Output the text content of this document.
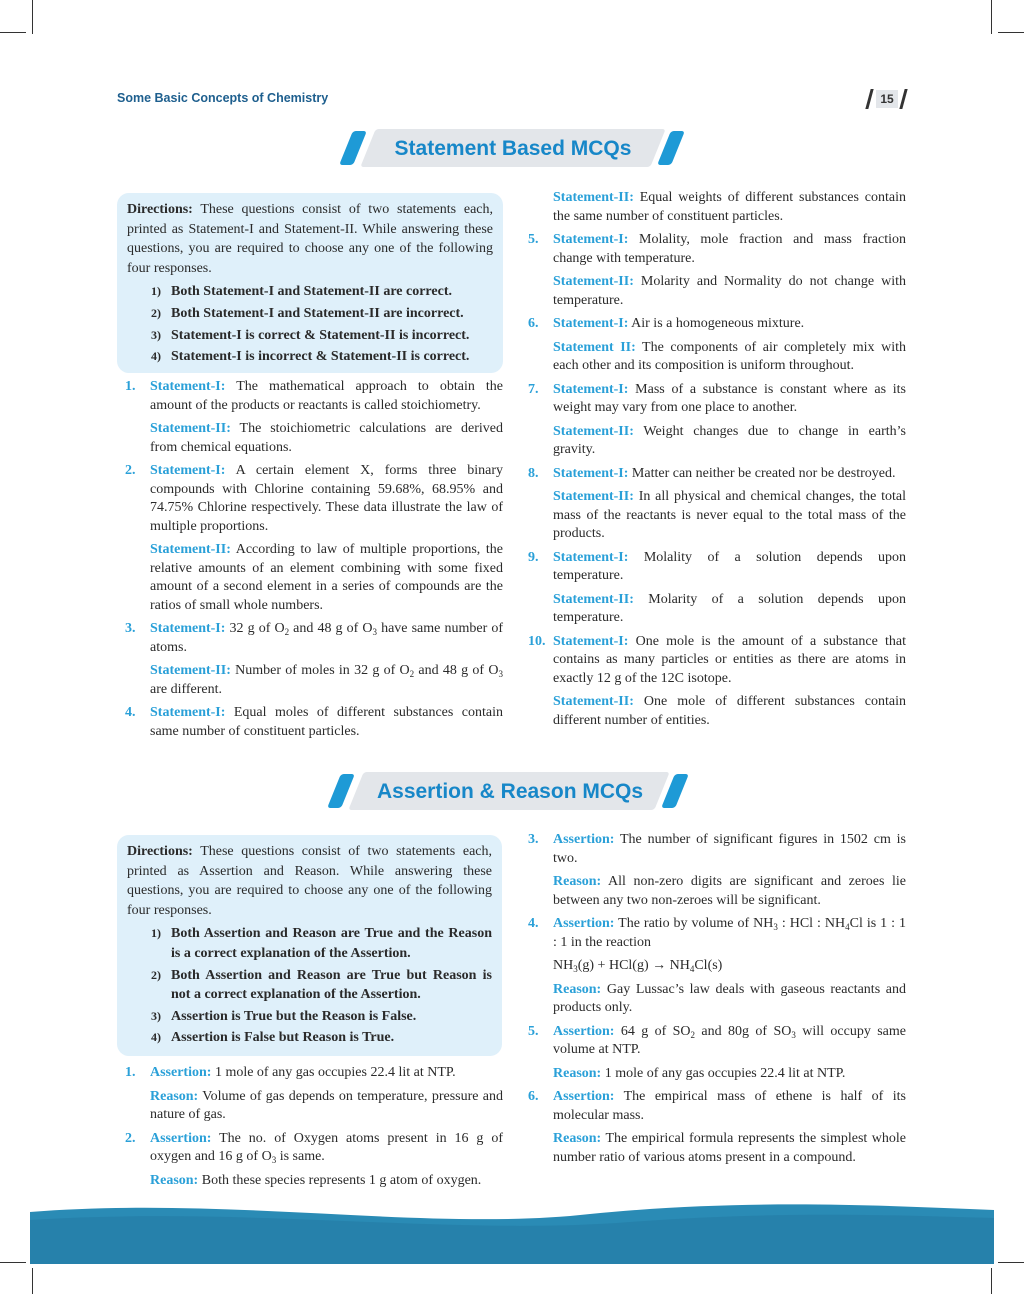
Some Basic Concepts of Chemistry	15
Statement Based MCQs
Directions: These questions consist of two statements each, printed as Statement-I and Statement-II. While answering these questions, you are required to choose any one of the following four responses.
1) Both Statement-I and Statement-II are correct.
2) Both Statement-I and Statement-II are incorrect.
3) Statement-I is correct & Statement-II is incorrect.
4) Statement-I is incorrect & Statement-II is correct.
1. Statement-I: The mathematical approach to obtain the amount of the products or reactants is called stoichiometry.
Statement-II: The stoichiometric calculations are derived from chemical equations.
2. Statement-I: A certain element X, forms three binary compounds with Chlorine containing 59.68%, 68.95% and 74.75% Chlorine respectively. These data illustrate the law of multiple proportions.
Statement-II: According to law of multiple proportions, the relative amounts of an element combining with some fixed amount of a second element in a series of compounds are the ratios of small whole numbers.
3. Statement-I: 32 g of $O_2$ and 48 g of $O_3$ have same number of atoms.
Statement-II: Number of moles in 32 g of $O_2$ and 48 g of $O_3$ are different.
4. Statement-I: Equal moles of different substances contain same number of constituent particles.
Statement-II: Equal weights of different substances contain the same number of constituent particles.
5. Statement-I: Molality, mole fraction and mass fraction change with temperature.
Statement-II: Molarity and Normality do not change with temperature.
6. Statement-I: Air is a homogeneous mixture.
Statement II: The components of air completely mix with each other and its composition is uniform throughout.
7. Statement-I: Mass of a substance is constant where as its weight may vary from one place to another.
Statement-II: Weight changes due to change in earth’s gravity.
8. Statement-I: Matter can neither be created nor be destroyed.
Statement-II: In all physical and chemical changes, the total mass of the reactants is never equal to the total mass of the products.
9. Statement-I: Molality of a solution depends upon temperature.
Statement-II: Molarity of a solution depends upon temperature.
10. Statement-I: One mole is the amount of a substance that contains as many particles or entities as there are atoms in exactly 12 g of the 12C isotope.
Statement-II: One mole of different substances contain different number of entities.
Assertion & Reason MCQs
Directions: These questions consist of two statements each, printed as Assertion and Reason. While answering these questions, you are required to choose any one of the following four responses.
1) Both Assertion and Reason are True and the Reason is a correct explanation of the Assertion.
2) Both Assertion and Reason are True but Reason is not a correct explanation of the Assertion.
3) Assertion is True but the Reason is False.
4) Assertion is False but Reason is True.
1. Assertion: 1 mole of any gas occupies 22.4 lit at NTP.
Reason: Volume of gas depends on temperature, pressure and nature of gas.
2. Assertion: The no. of Oxygen atoms present in 16 g of oxygen and 16 g of $O_3$ is same.
Reason: Both these species represents 1 g atom of oxygen.
3. Assertion: The number of significant figures in 1502 cm is two.
Reason: All non-zero digits are significant and zeroes lie between any two non-zeroes will be significant.
4. Assertion: The ratio by volume of $NH_3$ : HCl : $NH_4Cl$ is 1 : 1 : 1 in the reaction
$NH_3(g) + HCl(g) \to NH_4Cl(s)$
Reason: Gay Lussac’s law deals with gaseous reactants and products only.
5. Assertion: 64 g of $SO_2$ and 80g of $SO_3$ will occupy same volume at NTP.
Reason: 1 mole of any gas occupies 22.4 lit at NTP.
6. Assertion: The empirical mass of ethene is half of its molecular mass.
Reason: The empirical formula represents the simplest whole number ratio of various atoms present in a compound.
